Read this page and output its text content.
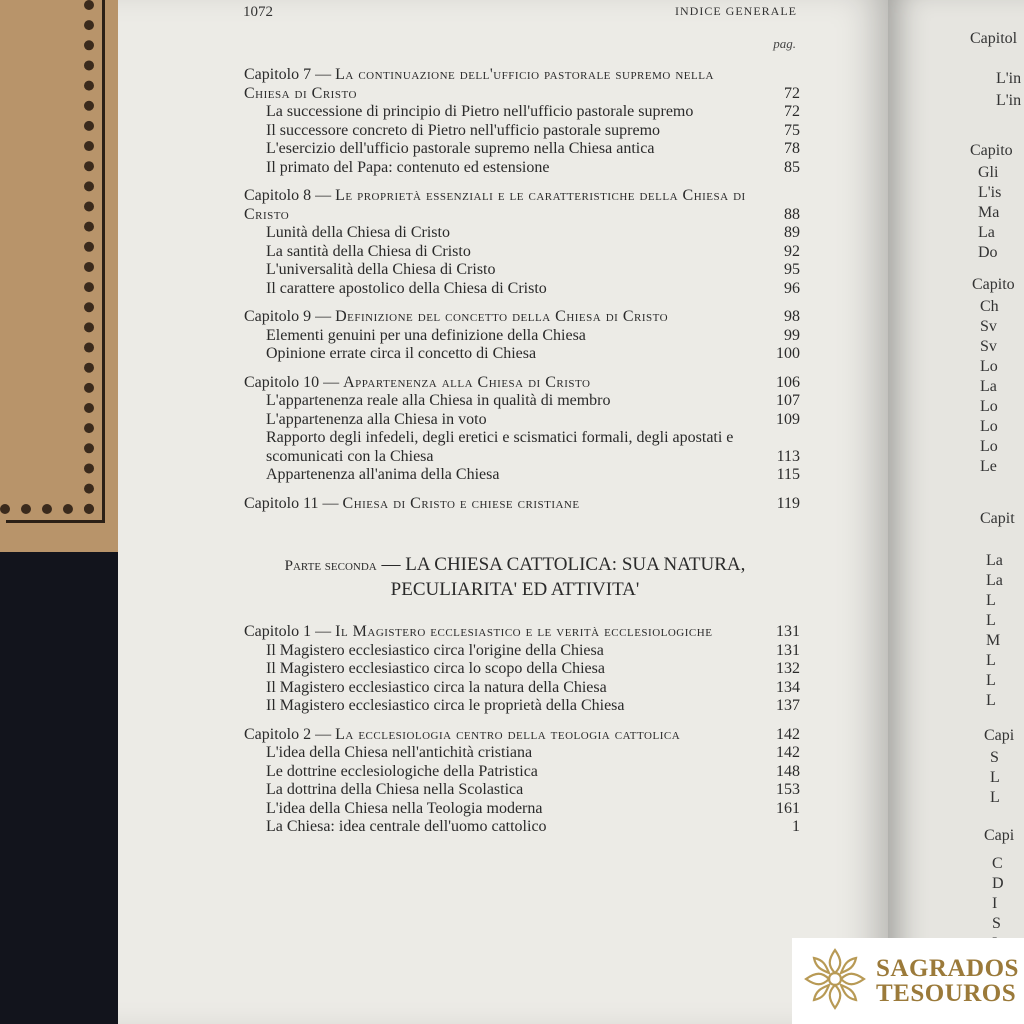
1072	INDICE GENERALE
pag.
Capitolo 7 — La continuazione dell'ufficio pastorale supremo nella Chiesa di Cristo	72
La successione di principio di Pietro nell'ufficio pastorale supremo	72
Il successore concreto di Pietro nell'ufficio pastorale supremo	75
L'esercizio dell'ufficio pastorale supremo nella Chiesa antica	78
Il primato del Papa: contenuto ed estensione	85
Capitolo 8 — Le proprietà essenziali e le caratteristiche della Chiesa di Cristo	88
Lunità della Chiesa di Cristo	89
La santità della Chiesa di Cristo	92
L'universalità della Chiesa di Cristo	95
Il carattere apostolico della Chiesa di Cristo	96
Capitolo 9 — Definizione del concetto della Chiesa di Cristo	98
Elementi genuini per una definizione della Chiesa	99
Opinione errate circa il concetto di Chiesa	100
Capitolo 10 — Appartenenza alla Chiesa di Cristo	106
L'appartenenza reale alla Chiesa in qualità di membro	107
L'appartenenza alla Chiesa in voto	109
Rapporto degli infedeli, degli eretici e scismatici formali, degli apostati e scomunicati con la Chiesa	113
Appartenenza all'anima della Chiesa	115
Capitolo 11 — Chiesa di Cristo e chiese cristiane	119
Parte seconda — LA CHIESA CATTOLICA: SUA NATURA,
PECULIARITA' ED ATTIVITA'
Capitolo 1 — Il Magistero ecclesiastico e le verità ecclesiologiche	131
Il Magistero ecclesiastico circa l'origine della Chiesa	131
Il Magistero ecclesiastico circa lo scopo della Chiesa	132
Il Magistero ecclesiastico circa la natura della Chiesa	134
Il Magistero ecclesiastico circa le proprietà della Chiesa	137
Capitolo 2 — La ecclesiologia centro della teologia cattolica	142
L'idea della Chiesa nell'antichità cristiana	142
Le dottrine ecclesiologiche della Patristica	148
La dottrina della Chiesa nella Scolastica	153
L'idea della Chiesa nella Teologia moderna	161
La Chiesa: idea centrale dell'uomo cattolico	1
Capitol
L'in
L'in
Capito
Gli
L'is
Ma
La
Do
Capito
Ch
Sv
Sv
Lo
La
Lo
Lo
Lo
Le
Capit
La
La
L
L
M
L
L
L
Capi
S
L
L
Capi
C
D
I
S
SAGRADOS
TESOUROS
